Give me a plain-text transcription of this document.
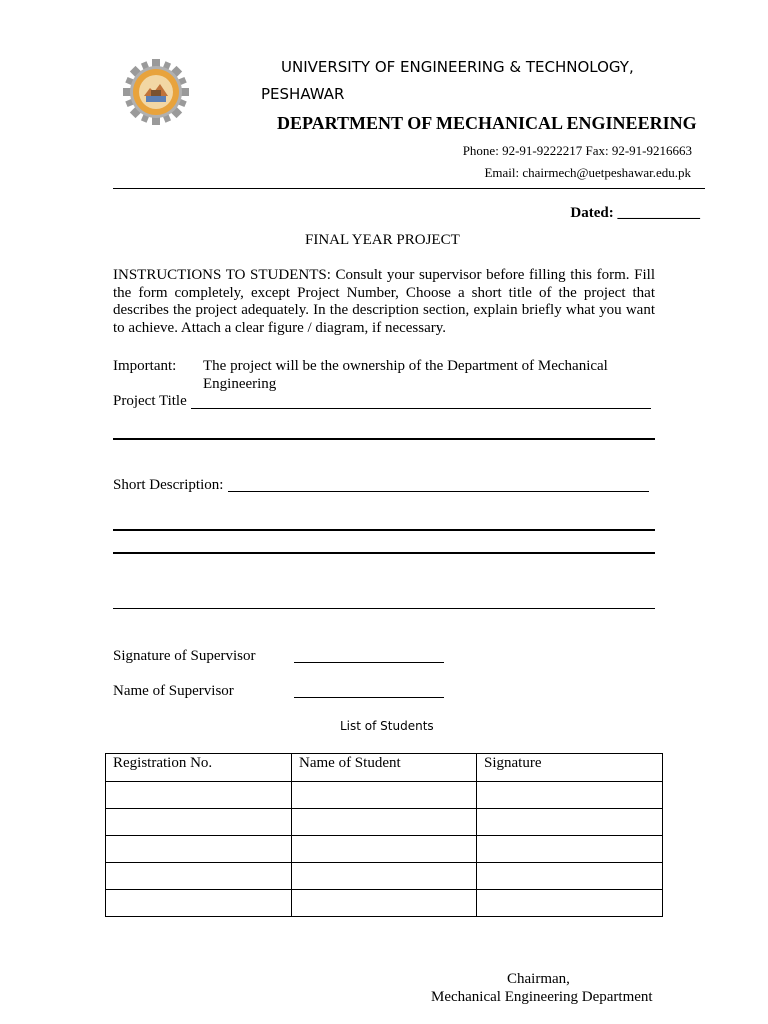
UNIVERSITY OF ENGINEERING & TECHNOLOGY,
PESHAWAR
DEPARTMENT OF MECHANICAL ENGINEERING
Phone: 92-91-9222217 Fax: 92-91-9216663
Email: chairmech@uetpeshawar.edu.pk
Dated: ___________
FINAL YEAR PROJECT
INSTRUCTIONS TO STUDENTS: Consult your supervisor before filling this form. Fill the form completely, except Project Number, Choose a short title of the project that describes the project adequately. In the description section, explain briefly what you want to achieve. Attach a clear figure / diagram, if necessary.
Important: The project will be the ownership of the Department of Mechanical Engineering
Project Title
Short Description:
Signature of Supervisor
Name of Supervisor
List of Students
Registration No.	Name of Student	Signature

Chairman,
Mechanical Engineering Department
